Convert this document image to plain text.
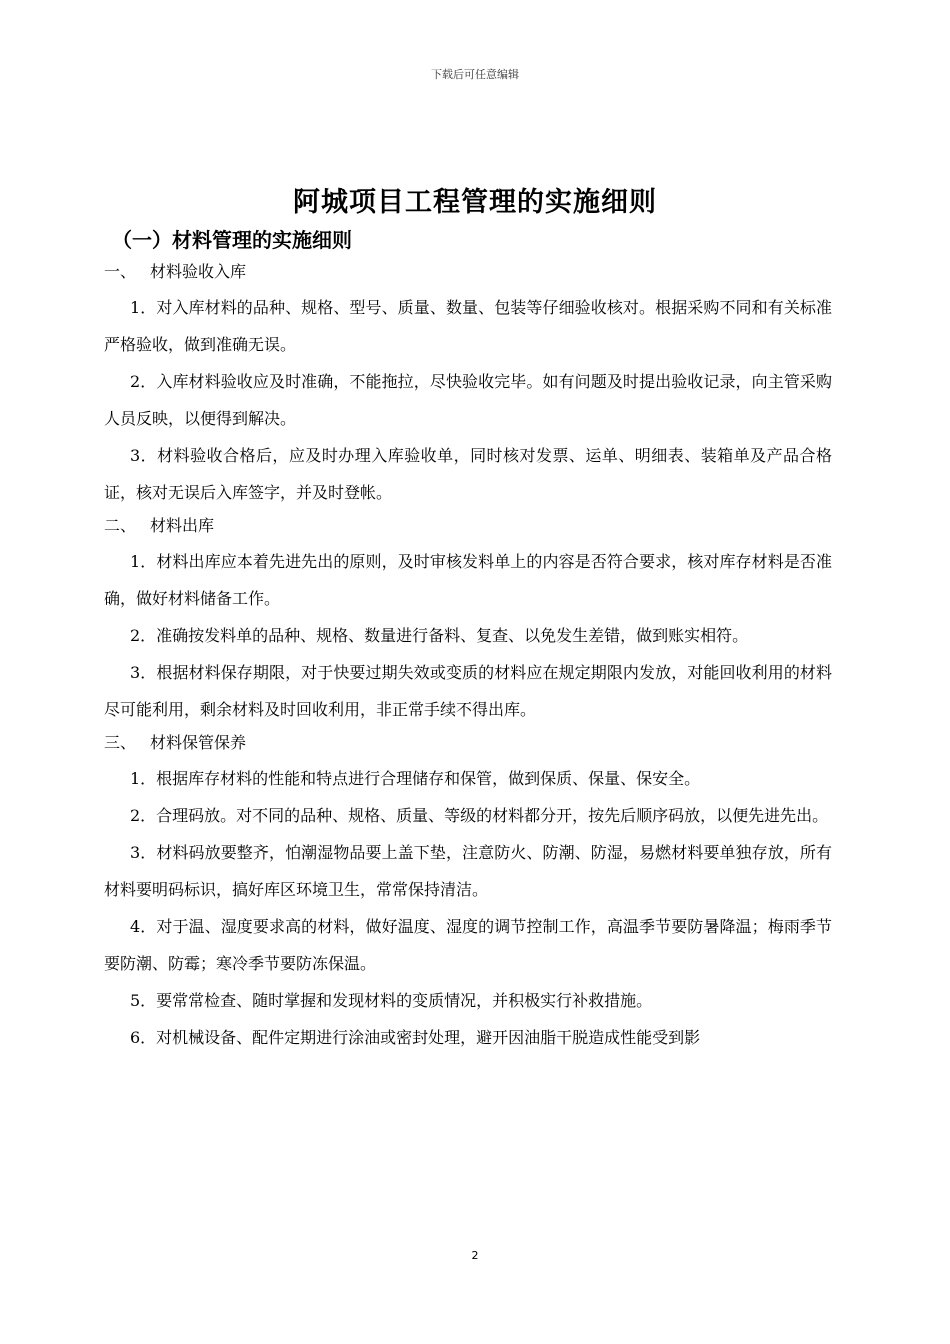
下载后可任意编辑
阿城项目工程管理的实施细则
（一）材料管理的实施细则
一、 材料验收入库

1．对入库材料的品种、规格、型号、质量、数量、包装等仔细验收核对。根据采购不同和有关标准严格验收，做到准确无误。

2．入库材料验收应及时准确，不能拖拉，尽快验收完毕。如有问题及时提出验收记录，向主管采购人员反映，以便得到解决。

3．材料验收合格后，应及时办理入库验收单，同时核对发票、运单、明细表、装箱单及产品合格证，核对无误后入库签字，并及时登帐。

二、 材料出库

1．材料出库应本着先进先出的原则，及时审核发料单上的内容是否符合要求，核对库存材料是否准确，做好材料储备工作。

2．准确按发料单的品种、规格、数量进行备料、复查、以免发生差错，做到账实相符。

3．根据材料保存期限，对于快要过期失效或变质的材料应在规定期限内发放，对能回收利用的材料尽可能利用，剩余材料及时回收利用，非正常手续不得出库。

三、 材料保管保养

1．根据库存材料的性能和特点进行合理储存和保管，做到保质、保量、保安全。

2．合理码放。对不同的品种、规格、质量、等级的材料都分开，按先后顺序码放，以便先进先出。

3．材料码放要整齐，怕潮湿物品要上盖下垫，注意防火、防潮、防湿，易燃材料要单独存放，所有材料要明码标识，搞好库区环境卫生，常常保持清洁。

4．对于温、湿度要求高的材料，做好温度、湿度的调节控制工作，高温季节要防暑降温；梅雨季节要防潮、防霉；寒冷季节要防冻保温。

5．要常常检查、随时掌握和发现材料的变质情况，并积极实行补救措施。

6．对机械设备、配件定期进行涂油或密封处理，避开因油脂干脱造成性能受到影

2
